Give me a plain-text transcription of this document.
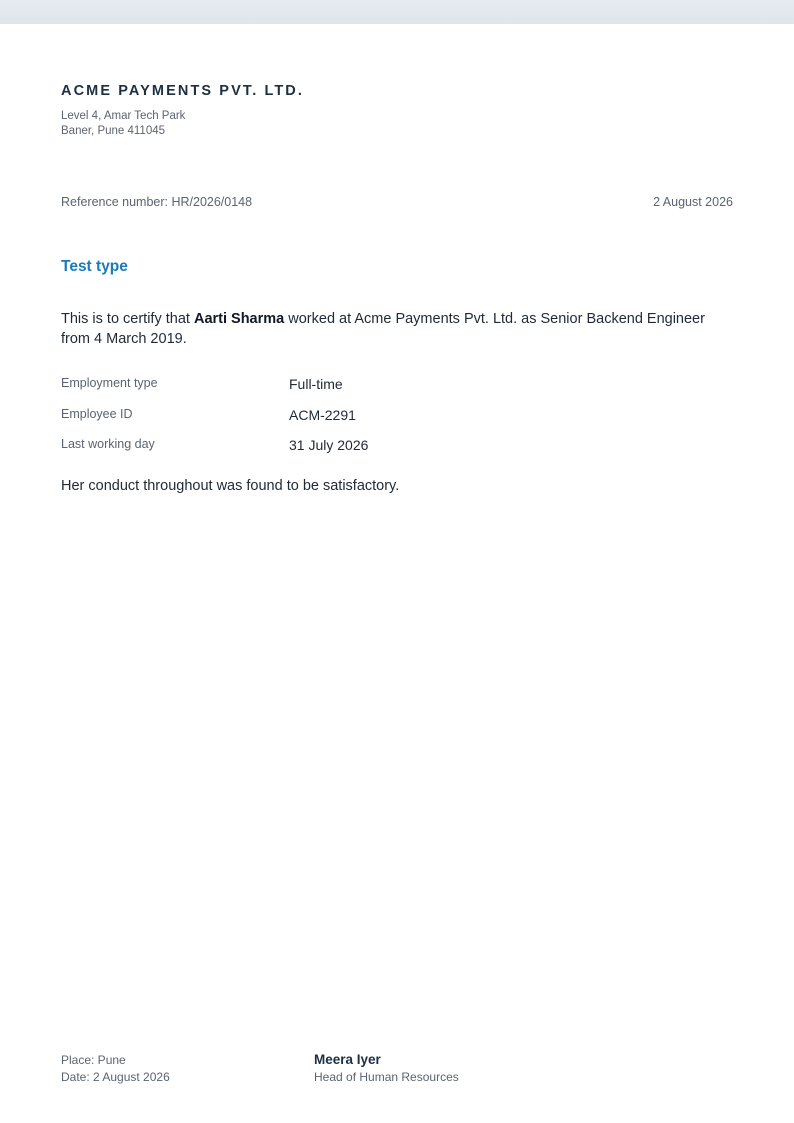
ACME PAYMENTS PVT. LTD.
Level 4, Amar Tech Park
Baner, Pune 411045
Reference number: HR/2026/0148	2 August 2026
Test type
This is to certify that Aarti Sharma worked at Acme Payments Pvt. Ltd. as Senior Backend Engineer from 4 March 2019.
Employment type	Full-time
Employee ID	ACM-2291
Last working day	31 July 2026
Her conduct throughout was found to be satisfactory.
Place: Pune
Date: 2 August 2026
Meera Iyer
Head of Human Resources
